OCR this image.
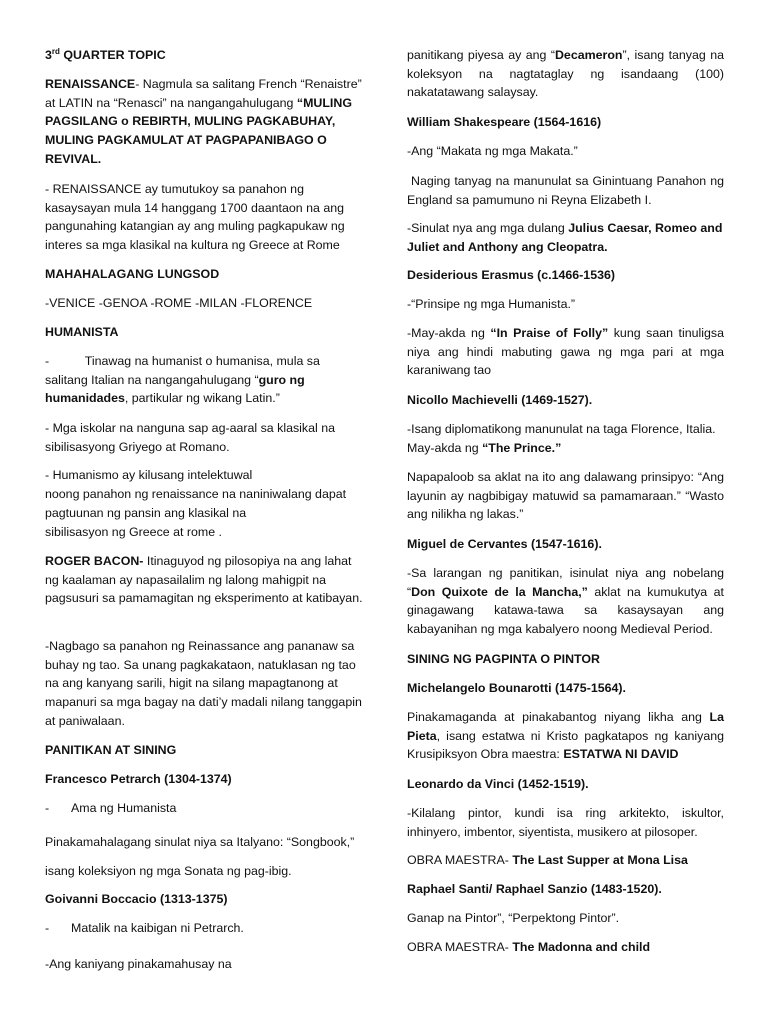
3rd QUARTER TOPIC

RENAISSANCE- Nagmula sa salitang French “Renaistre” at LATIN na “Renasci” na nangangahulugang “MULING PAGSILANG o REBIRTH, MULING PAGKABUHAY, MULING PAGKAMULAT AT PAGPAPANIBAGO O REVIVAL.

- RENAISSANCE ay tumutukoy sa panahon ng kasaysayan mula 14 hanggang 1700 daantaon na ang pangunahing katangian ay ang muling pagkapukaw ng interes sa mga klasikal na kultura ng Greece at Rome

MAHAHALAGANG LUNGSOD

-VENICE -GENOA -ROME -MILAN -FLORENCE

HUMANISTA

-	Tinawag na humanist o humanisa, mula sa salitang Italian na nangangahulugang “guro ng humanidades, partikular ng wikang Latin.”

- Mga iskolar na nanguna sap ag-aaral sa klasikal na sibilisasyong Griyego at Romano.

- Humanismo ay kilusang intelektuwal

noong panahon ng renaissance na naniniwalang dapat pagtuunan ng pansin ang klasikal na

sibilisasyon ng Greece at rome .

ROGER BACON- Itinaguyod ng pilosopiya na ang lahat ng kaalaman ay napasailalim ng lalong mahigpit na pagsusuri sa pamamagitan ng eksperimento at katibayan.

-Nagbago sa panahon ng Reinassance ang pananaw sa buhay ng tao. Sa unang pagkakataon, natuklasan ng tao na ang kanyang sarili, higit na silang mapagtanong at mapanuri sa mga bagay na dati’y madali nilang tanggapin at paniwalaan.

PANITIKAN AT SINING

Francesco Petrarch (1304-1374)

- Ama ng Humanista

Pinakamahalagang sinulat niya sa Italyano: “Songbook,”

isang koleksiyon ng mga Sonata ng pag-ibig.

Goivanni Boccacio (1313-1375)

- Matalik na kaibigan ni Petrarch.

-Ang kaniyang pinakamahusay na

panitikang piyesa ay ang “Decameron”, isang tanyag na koleksyon na nagtataglay ng isandaang (100) nakatatawang salaysay.

William Shakespeare (1564-1616)

-Ang “Makata ng mga Makata.”

Naging tanyag na manunulat sa Ginintuang Panahon ng England sa pamumuno ni Reyna Elizabeth I.

-Sinulat nya ang mga dulang Julius Caesar, Romeo and Juliet and Anthony ang Cleopatra.

Desiderious Erasmus (c.1466-1536)

-“Prinsipe ng mga Humanista.”

-May-akda ng “In Praise of Folly” kung saan tinuligsa niya ang hindi mabuting gawa ng mga pari at mga karaniwang tao

Nicollo Machievelli (1469-1527).

-Isang diplomatikong manunulat na taga Florence, Italia. May-akda ng “The Prince.”

Napapaloob sa aklat na ito ang dalawang prinsipyo: “Ang layunin ay nagbibigay matuwid sa pamamaraan.” “Wasto ang nilikha ng lakas.”

Miguel de Cervantes (1547-1616).

-Sa larangan ng panitikan, isinulat niya ang nobelang “Don Quixote de la Mancha,” aklat na kumukutya at ginagawang katawa-tawa sa kasaysayan ang kabayanihan ng mga kabalyero noong Medieval Period.

SINING NG PAGPINTA O PINTOR

Michelangelo Bounarotti (1475-1564).

Pinakamaganda at pinakabantog niyang likha ang La Pieta, isang estatwa ni Kristo pagkatapos ng kaniyang Krusipiksyon Obra maestra: ESTATWA NI DAVID

Leonardo da Vinci (1452-1519).

-Kilalang pintor, kundi isa ring arkitekto, iskultor, inhinyero, imbentor, siyentista, musikero at pilosoper.

OBRA MAESTRA- The Last Supper at Mona Lisa

Raphael Santi/ Raphael Sanzio (1483-1520).

Ganap na Pintor”, “Perpektong Pintor”.

OBRA MAESTRA- The Madonna and child
